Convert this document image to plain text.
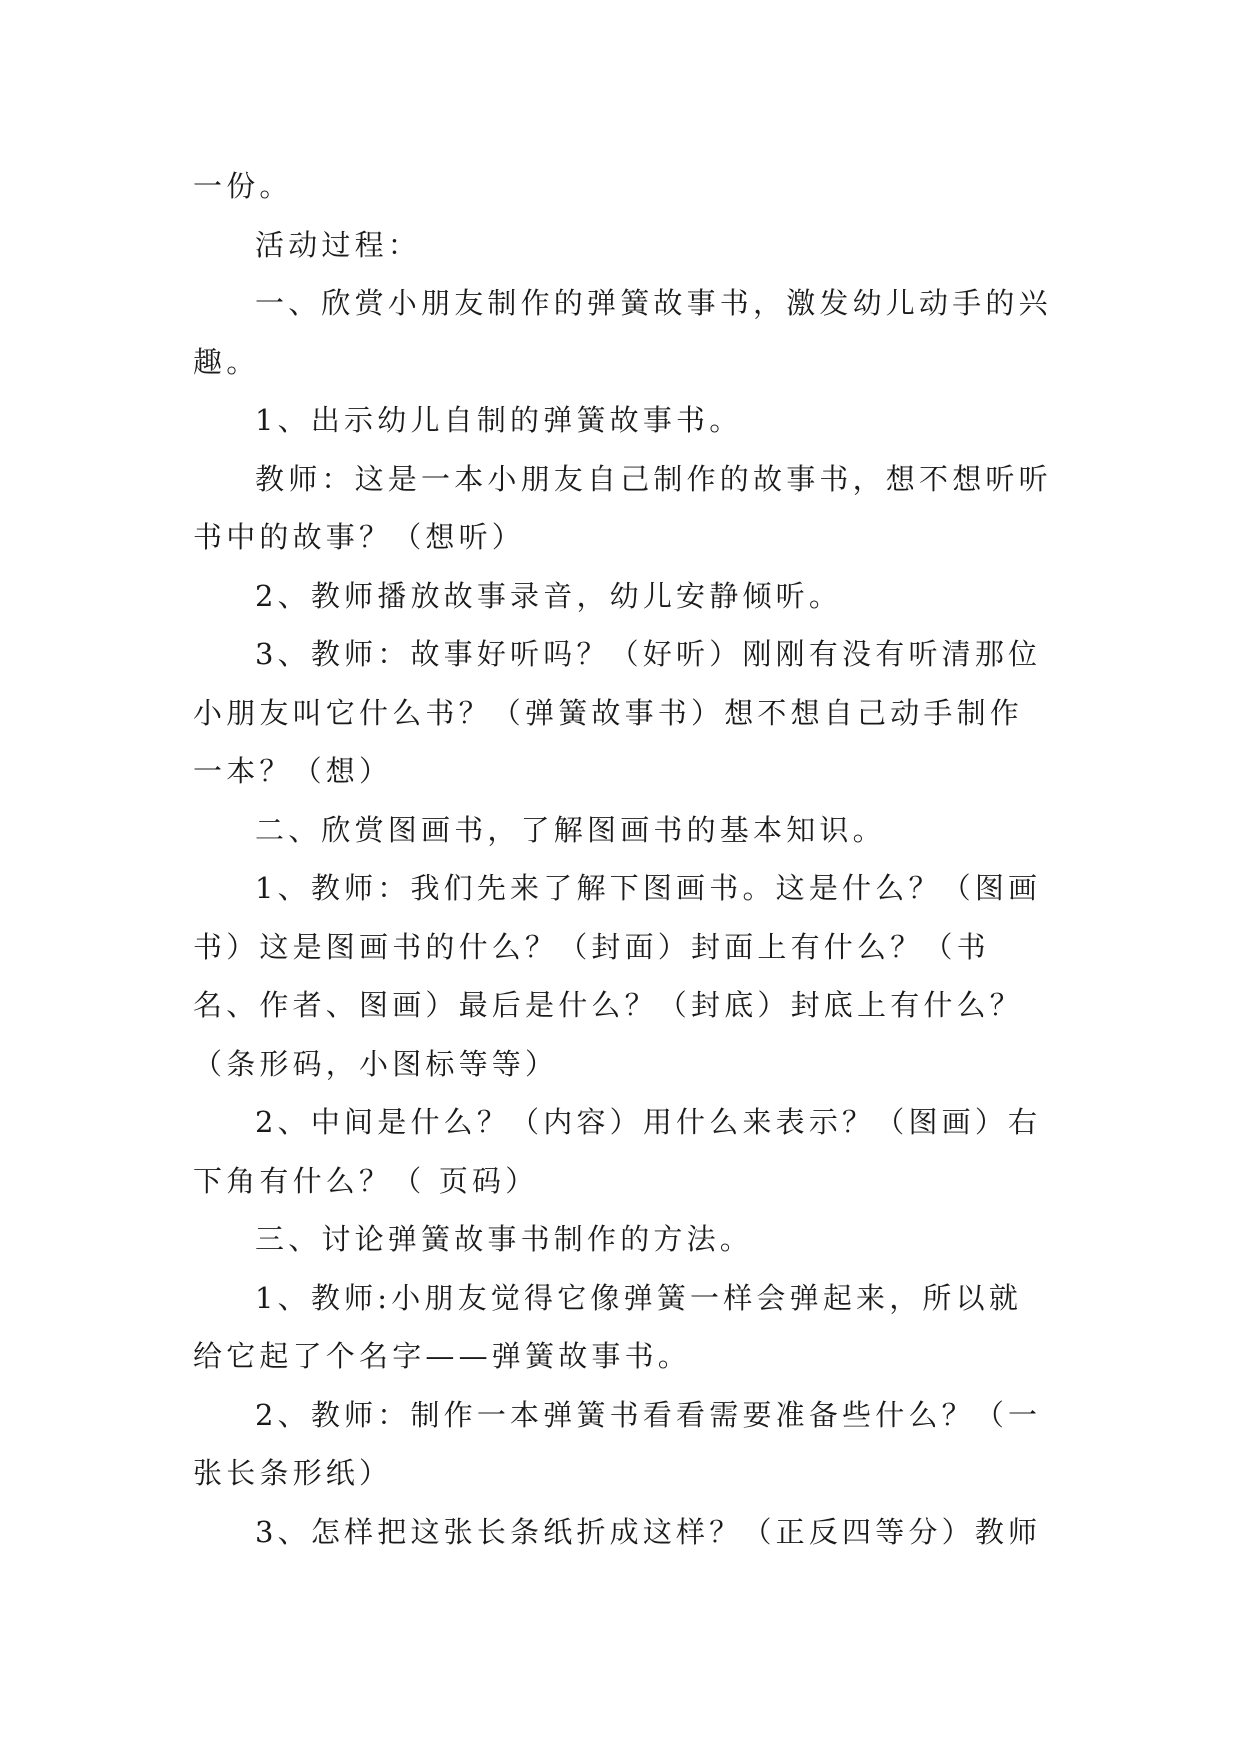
一份。

活动过程：

一、欣赏小朋友制作的弹簧故事书，激发幼儿动手的兴趣。

1、出示幼儿自制的弹簧故事书。

教师：这是一本小朋友自己制作的故事书，想不想听听书中的故事？（想听）

2、教师播放故事录音，幼儿安静倾听。

3、教师：故事好听吗？（好听）刚刚有没有听清那位小朋友叫它什么书？（弹簧故事书）想不想自己动手制作一本？（想）

二、欣赏图画书，了解图画书的基本知识。

1、教师：我们先来了解下图画书。这是什么？（图画书）这是图画书的什么？（封面）封面上有什么？（书名、作者、图画）最后是什么？（封底）封底上有什么？（条形码，小图标等等）

2、中间是什么？（内容）用什么来表示？（图画）右下角有什么？（ 页码）

三、讨论弹簧故事书制作的方法。

1、教师:小朋友觉得它像弹簧一样会弹起来，所以就给它起了个名字——弹簧故事书。

2、教师：制作一本弹簧书看看需要准备些什么？（一张长条形纸）

3、怎样把这张长条纸折成这样？（正反四等分）教师
